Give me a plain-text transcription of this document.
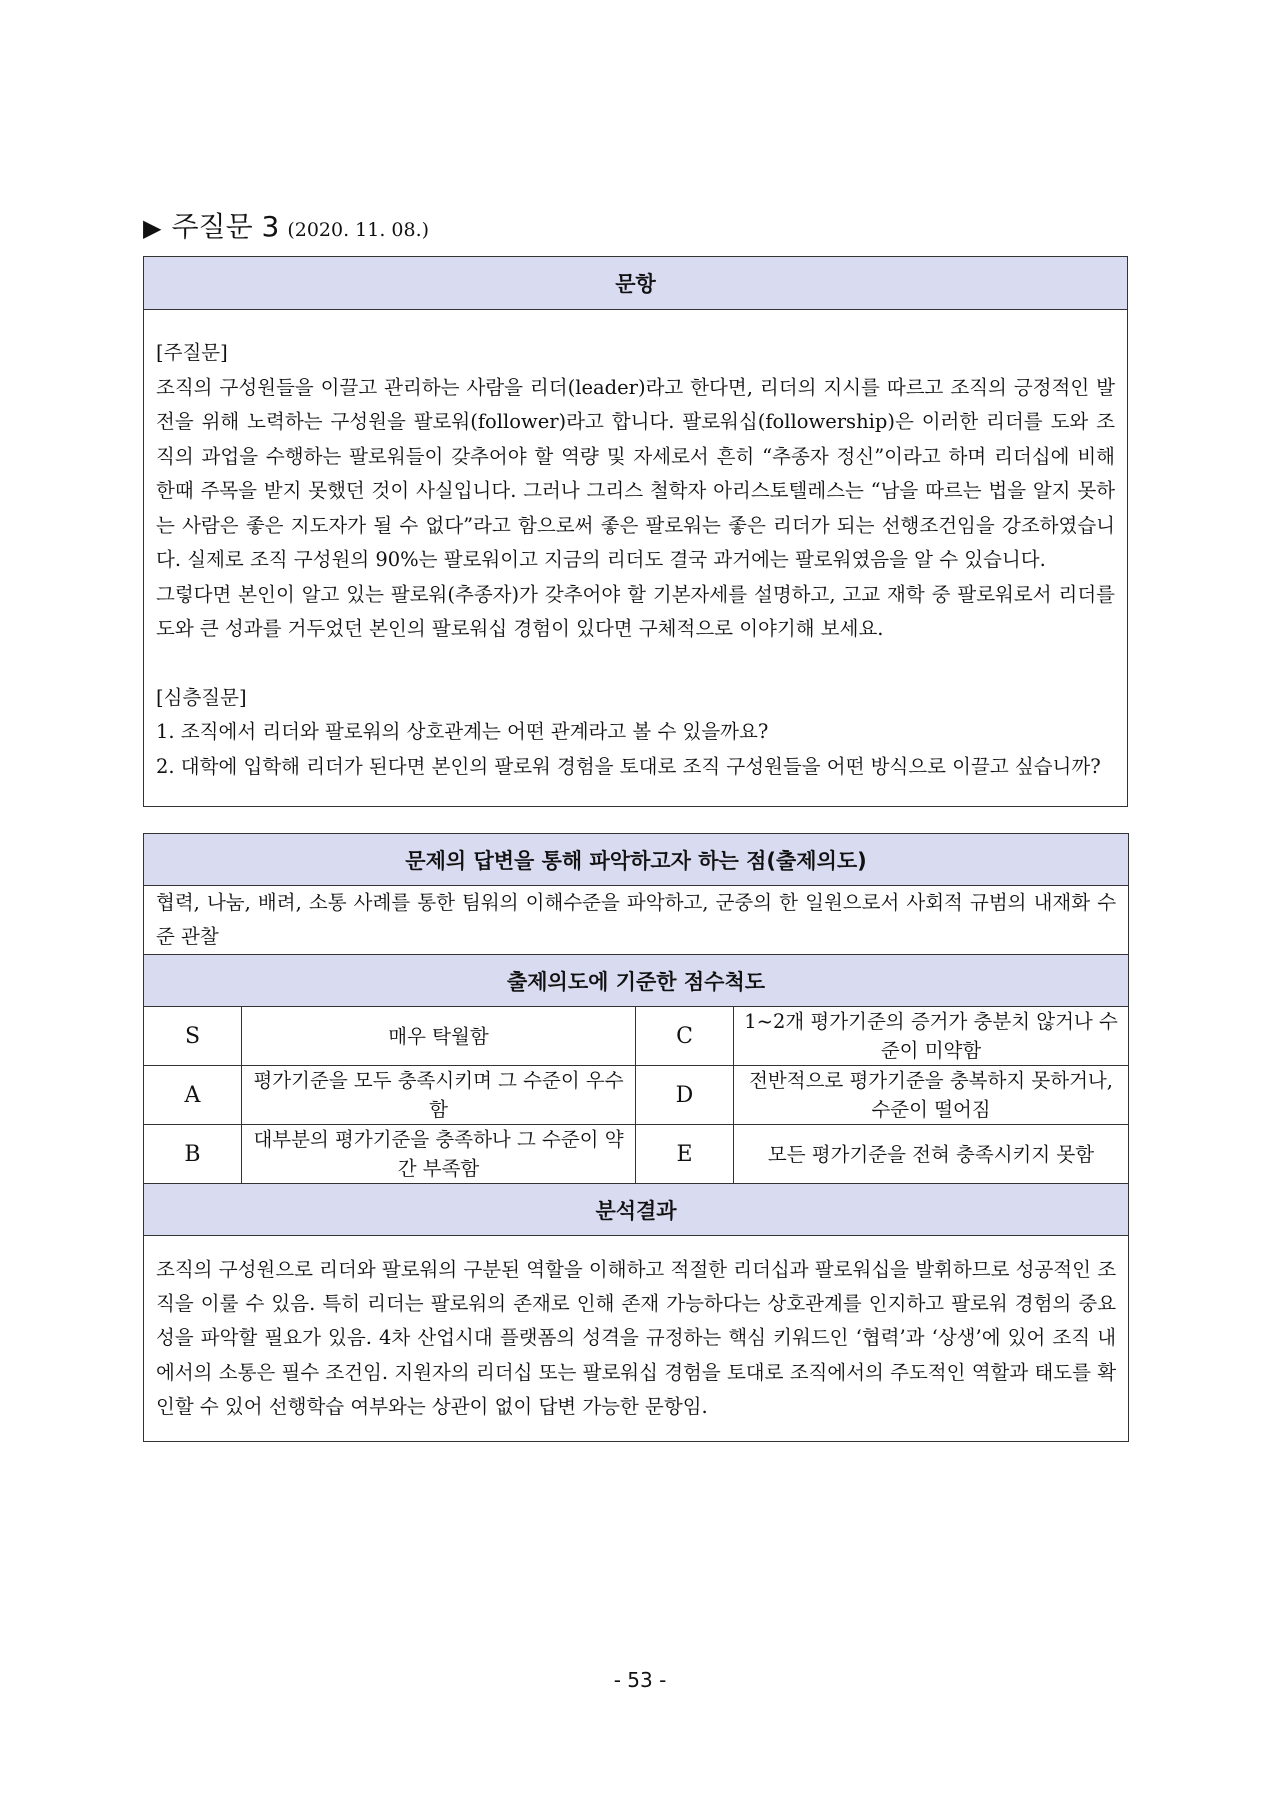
▶ 주질문 3 (2020. 11. 08.)
문항

[주질문]

조직의 구성원들을 이끌고 관리하는 사람을 리더(leader)라고 한다면, 리더의 지시를 따르고 조직의 긍정적인 발전을 위해 노력하는 구성원을 팔로워(follower)라고 합니다. 팔로워십(followership)은 이러한 리더를 도와 조직의 과업을 수행하는 팔로워들이 갖추어야 할 역량 및 자세로서 흔히 “추종자 정신”이라고 하며 리더십에 비해 한때 주목을 받지 못했던 것이 사실입니다. 그러나 그리스 철학자 아리스토텔레스는 “남을 따르는 법을 알지 못하는 사람은 좋은 지도자가 될 수 없다”라고 함으로써 좋은 팔로워는 좋은 리더가 되는 선행조건임을 강조하였습니다. 실제로 조직 구성원의 90%는 팔로워이고 지금의 리더도 결국 과거에는 팔로워였음을 알 수 있습니다.

그렇다면 본인이 알고 있는 팔로워(추종자)가 갖추어야 할 기본자세를 설명하고, 고교 재학 중 팔로워로서 리더를 도와 큰 성과를 거두었던 본인의 팔로워십 경험이 있다면 구체적으로 이야기해 보세요.

[심층질문]

1. 조직에서 리더와 팔로워의 상호관계는 어떤 관계라고 볼 수 있을까요?

2. 대학에 입학해 리더가 된다면 본인의 팔로워 경험을 토대로 조직 구성원들을 어떤 방식으로 이끌고 싶습니까?

문제의 답변을 통해 파악하고자 하는 점(출제의도)			
협력, 나눔, 배려, 소통 사례를 통한 팀워의 이해수준을 파악하고, 군중의 한 일원으로서 사회적 규범의 내재화 수준 관찰			
출제의도에 기준한 점수척도			
S	매우 탁월함	C	1~2개 평가기준의 증거가 충분치 않거나 수준이 미약함
A	평가기준을 모두 충족시키며 그 수준이 우수함	D	전반적으로 평가기준을 충복하지 못하거나, 수준이 떨어짐
B	대부분의 평가기준을 충족하나 그 수준이 약간 부족함	E	모든 평가기준을 전혀 충족시키지 못함
분석결과			
조직의 구성원으로 리더와 팔로워의 구분된 역할을 이해하고 적절한 리더십과 팔로워십을 발휘하므로 성공적인 조직을 이룰 수 있음. 특히 리더는 팔로워의 존재로 인해 존재 가능하다는 상호관계를 인지하고 팔로워 경험의 중요성을 파악할 필요가 있음. 4차 산업시대 플랫폼의 성격을 규정하는 핵심 키워드인 ‘협력’과 ‘상생’에 있어 조직 내에서의 소통은 필수 조건임. 지원자의 리더십 또는 팔로워십 경험을 토대로 조직에서의 주도적인 역할과 태도를 확인할 수 있어 선행학습 여부와는 상관이 없이 답변 가능한 문항임.			
- 53 -
